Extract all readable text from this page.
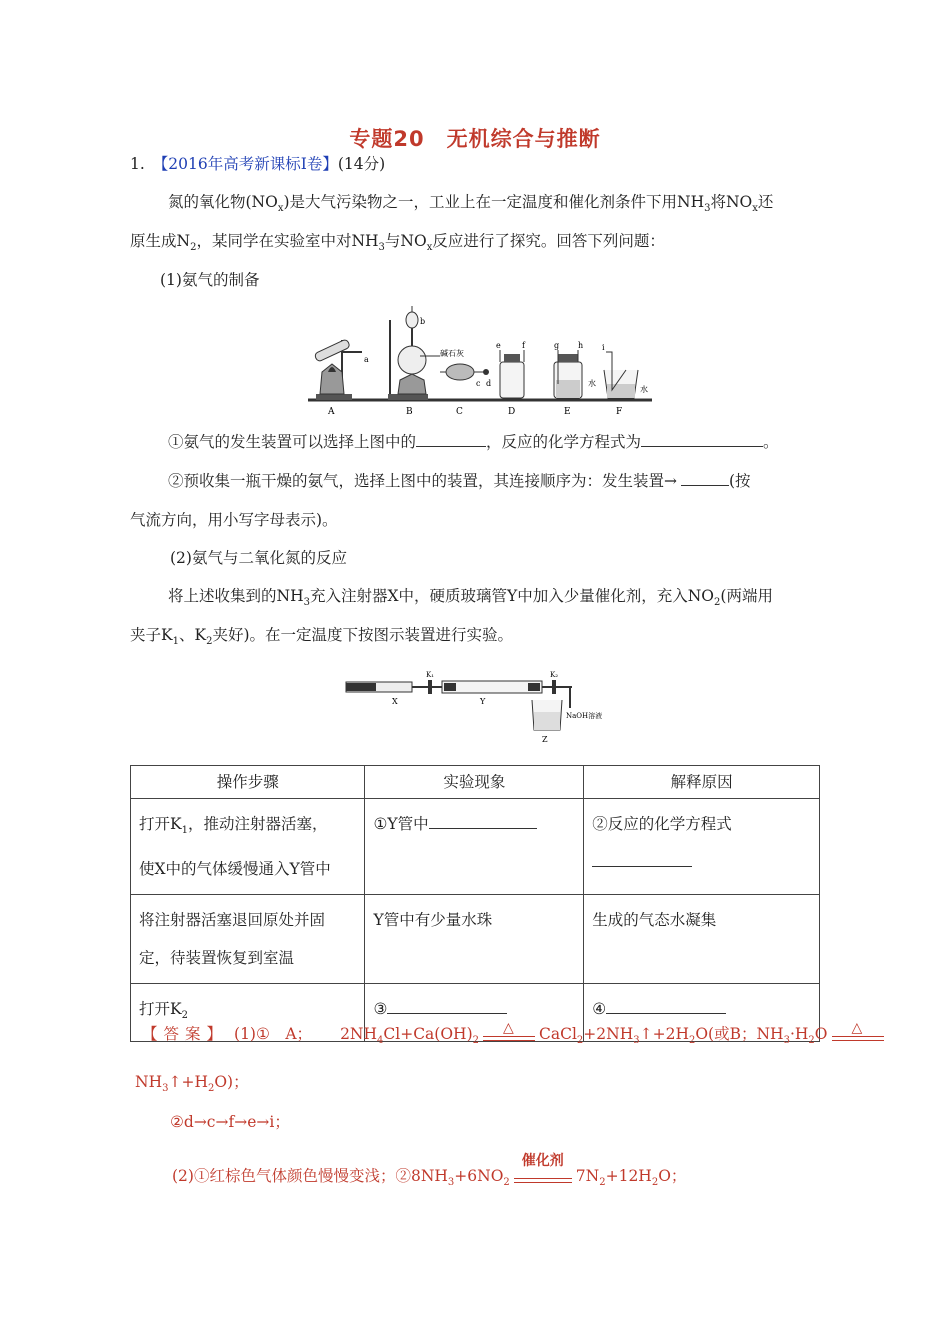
专题20　无机综合与推断
1. 【2016年高考新课标Ⅰ卷】(14分)
氮的氧化物$(NO_x)$是大气污染物之一，工业上在一定温度和催化剂条件下用$NH_3$将$NO_x$还
原生成$N_2$，某同学在实验室中对$NH_3$与$NO_x$反应进行了探究。回答下列问题：
(1)氨气的制备
A	B	C	D	E	F
a
b
碱石灰
c d
e	f	g h i
水
水
①氨气的发生装置可以选择上图中的	，反应的化学方程式为	。
②预收集一瓶干燥的氨气，选择上图中的装置，其连接顺序为：发生装置→	(按
气流方向，用小写字母表示)。
(2)氨气与二氧化氮的反应
将上述收集到的$NH_3$充入注射器X中，硬质玻璃管Y中加入少量催化剂，充入$NO_2$(两端用
夹子$K_1$、$K_2$夹好)。在一定温度下按图示装置进行实验。
X	Y
Z
K₁	K₂
NaOH溶液
操作步骤	实验现象	解释原因
打开$K_1$，推动注射器活塞，
使X中的气体缓慢通入Y管中	①Y管中	②反应的化学方程式

将注射器活塞退回原处并固
定，待装置恢复到室温	Y管中有少量水珠	生成的气态水凝集
打开$K_2$	③	④
【答案】 (1)①　A； $2NH_4Cl+Ca(OH)_2$
△ $CaCl_2+2NH_3↑+2H_2O$(或B；$NH_3\cdot H_2O$ △
$NH_3↑+H_2O$)；
②d→c→f→e→i；
(2)①红棕色气体颜色慢慢变浅；$②8NH_3+6NO_2$
催化剂
$7N_2+12H_2O$；
